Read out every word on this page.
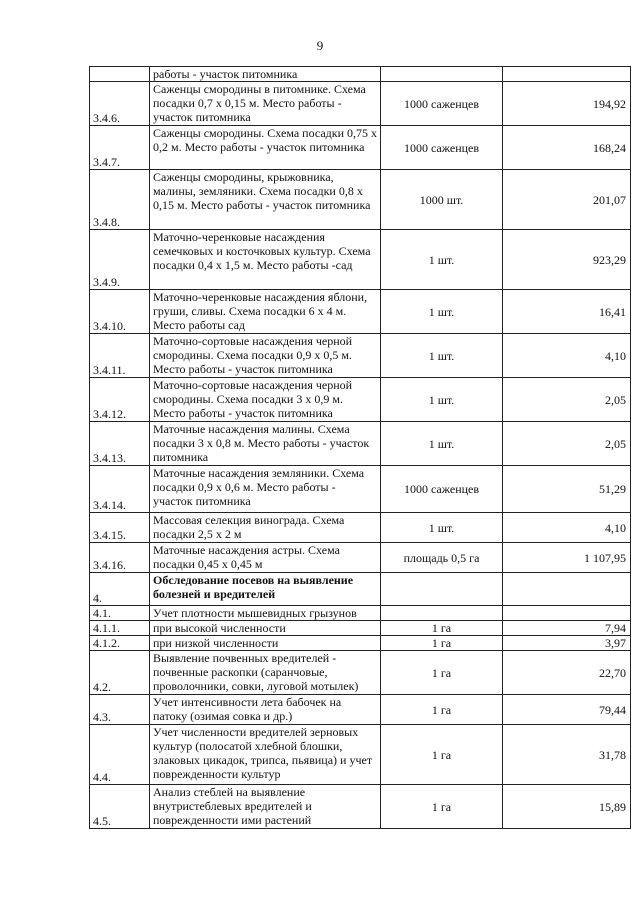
9
	работы - участок питомника		
3.4.6.	Саженцы смородины в питомнике. Схема посадки 0,7 х 0,15 м. Место работы - участок питомника	1000 саженцев	194,92
3.4.7.	Саженцы смородины. Схема посадки 0,75 х 0,2 м. Место работы - участок питомника	1000 саженцев	168,24
3.4.8.	Саженцы смородины, крыжовника, малины, земляники. Схема посадки 0,8 х 0,15 м. Место работы - участок питомника	1000 шт.	201,07
3.4.9.	Маточно-черенковые насаждения семечковых и косточковых культур. Схема посадки 0,4 х 1,5 м. Место работы -сад	1 шт.	923,29
3.4.10.	Маточно-черенковые насаждения яблони, груши, сливы. Схема посадки 6 х 4 м. Место работы сад	1 шт.	16,41
3.4.11.	Маточно-сортовые насаждения черной смородины. Схема посадки 0,9 х 0,5 м. Место работы - участок питомника	1 шт.	4,10
3.4.12.	Маточно-сортовые насаждения черной смородины. Схема посадки 3 х 0,9 м. Место работы - участок питомника	1 шт.	2,05
3.4.13.	Маточные насаждения малины. Схема посадки 3 х 0,8 м. Место работы - участок питомника	1 шт.	2,05
3.4.14.	Маточные насаждения земляники. Схема посадки 0,9 х 0,6 м. Место работы - участок питомника	1000 саженцев	51,29
3.4.15.	Массовая селекция винограда. Схема посадки 2,5 х 2 м	1 шт.	4,10
3.4.16.	Маточные насаждения астры. Схема посадки 0,45 х 0,45 м	площадь 0,5 га	1 107,95
4.	Обследование посевов на выявление болезней и вредителей		
4.1.	Учет плотности мышевидных грызунов		
4.1.1.	при высокой численности	1 га	7,94
4.1.2.	при низкой численности	1 га	3,97
4.2.	Выявление почвенных вредителей - почвенные раскопки (саранчовые, проволочники, совки, луговой мотылек)	1 га	22,70
4.3.	Учет интенсивности лета бабочек на патоку (озимая совка и др.)	1 га	79,44
4.4.	Учет численности вредителей зерновых культур (полосатой хлебной блошки, злаковых цикадок, трипса, пьявица) и учет поврежденности культур	1 га	31,78
4.5.	Анализ стеблей на выявление внутристеблевых вредителей и поврежденности ими растений	1 га	15,89
